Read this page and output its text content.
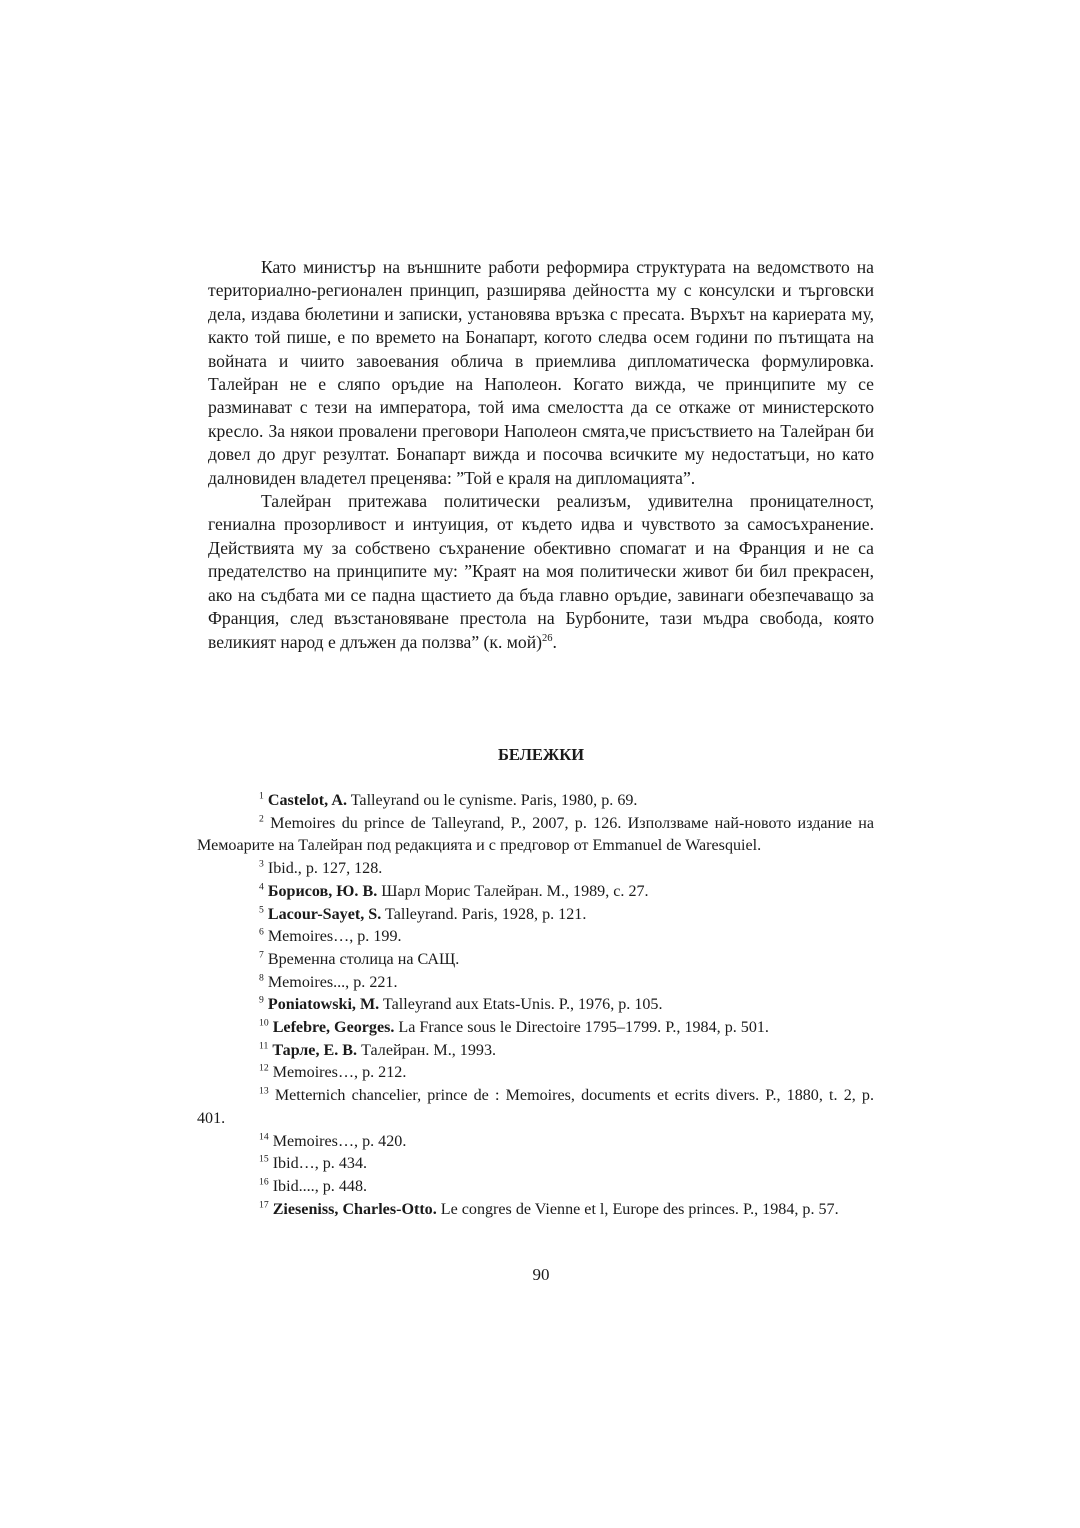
Като министър на външните работи реформира структурата на ведомството на териториално-регионален принцип, разширява дейността му с консулски и търговски дела, издава бюлетини и записки, установява връзка с пресата. Върхът на кариерата му, както той пише, е по времето на Бонапарт, когото следва осем години по пътищата на войната и чиито завоевания облича в приемлива дипломатическа формулировка. Талейран не е сляпо оръдие на Наполеон. Когато вижда, че принципите му се разминават с тези на императора, той има смелостта да се откаже от министерското кресло. За някои провалени преговори Наполеон смята,че присъствието на Талейран би довел до друг резултат. Бонапарт вижда и посочва всичките му недостатъци, но като далновиден владетел преценява: ”Той е краля на дипломацията”.

Талейран притежава политически реализъм, удивителна проницателност, гениална прозорливост и интуиция, от където идва и чувството за самосъхранение. Действията му за собствено съхранение обективно спомагат и на Франция и не са предателство на принципите му: ”Краят на моя политически живот би бил прекрасен, ако на съдбата ми се падна щастието да бъда главно оръдие, завинаги обезпечаващо за Франция, след възстановяване престола на Бурбоните, тази мъдра свобода, която великият народ е длъжен да ползва” (к. мой)$^{26}$.

БЕЛЕЖКИ

$^1$ Castelot, A. Talleyrand ou le cynisme. Paris, 1980, p. 69.

$^2$ Memoires du prince de Talleyrand, P., 2007, p. 126. Използваме най-новото издание на Мемоарите на Талейран под редакцията и с предговор от Emmanuel de Waresquiel.

$^3$ Ibid., p. 127, 128.

$^4$ Борисов, Ю. В. Шарл Морис Талейран. М., 1989, с. 27.

$^5$ Lacour-Sayet, S. Talleyrand. Paris, 1928, p. 121.

$^6$ Memoires…, p. 199.

$^7$ Временна столица на САЩ.

$^8$ Memoires..., p. 221.

$^9$ Poniatowski, M. Talleyrand aux Etats-Unis. P., 1976, p. 105.

$^{10}$ Lefebre, Georges. La France sous le Directoire 1795–1799. P., 1984, p. 501.

$^{11}$ Тарле, Е. В. Талейран. М., 1993.

$^{12}$ Memoires…, p. 212.

$^{13}$ Metternich chancelier, prince de : Memoires, documents et ecrits divers. P., 1880, t. 2, p. 401.

$^{14}$ Memoires…, p. 420.

$^{15}$ Ibid…, p. 434.

$^{16}$ Ibid...., p. 448.

$^{17}$ Zieseniss, Charles-Otto. Le congres de Vienne et l, Europe des princes. P., 1984, p. 57.

90
